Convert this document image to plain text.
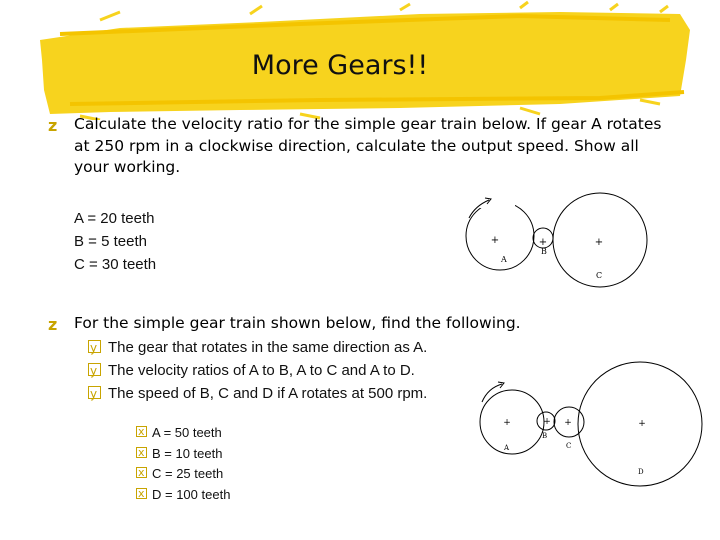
More Gears!!
z Calculate the velocity ratio for the simple gear train below. If gear A rotates
at 250 rpm in a clockwise direction, calculate the output speed. Show all
your working.
A = 20 teeth
B = 5 teeth
C = 30 teeth
+	+	+
A
B
C
z For the simple gear train shown below, find the following.
yThe gear that rotates in the same direction as A.
yThe velocity ratios of A to B, A to C and A to D.
yThe speed of B, C and D if A rotates at 500 rpm.
xA = 50 teeth
xB = 10 teeth
xC = 25 teeth
xD = 100 teeth
+	+ +	+
A
B
C
D
